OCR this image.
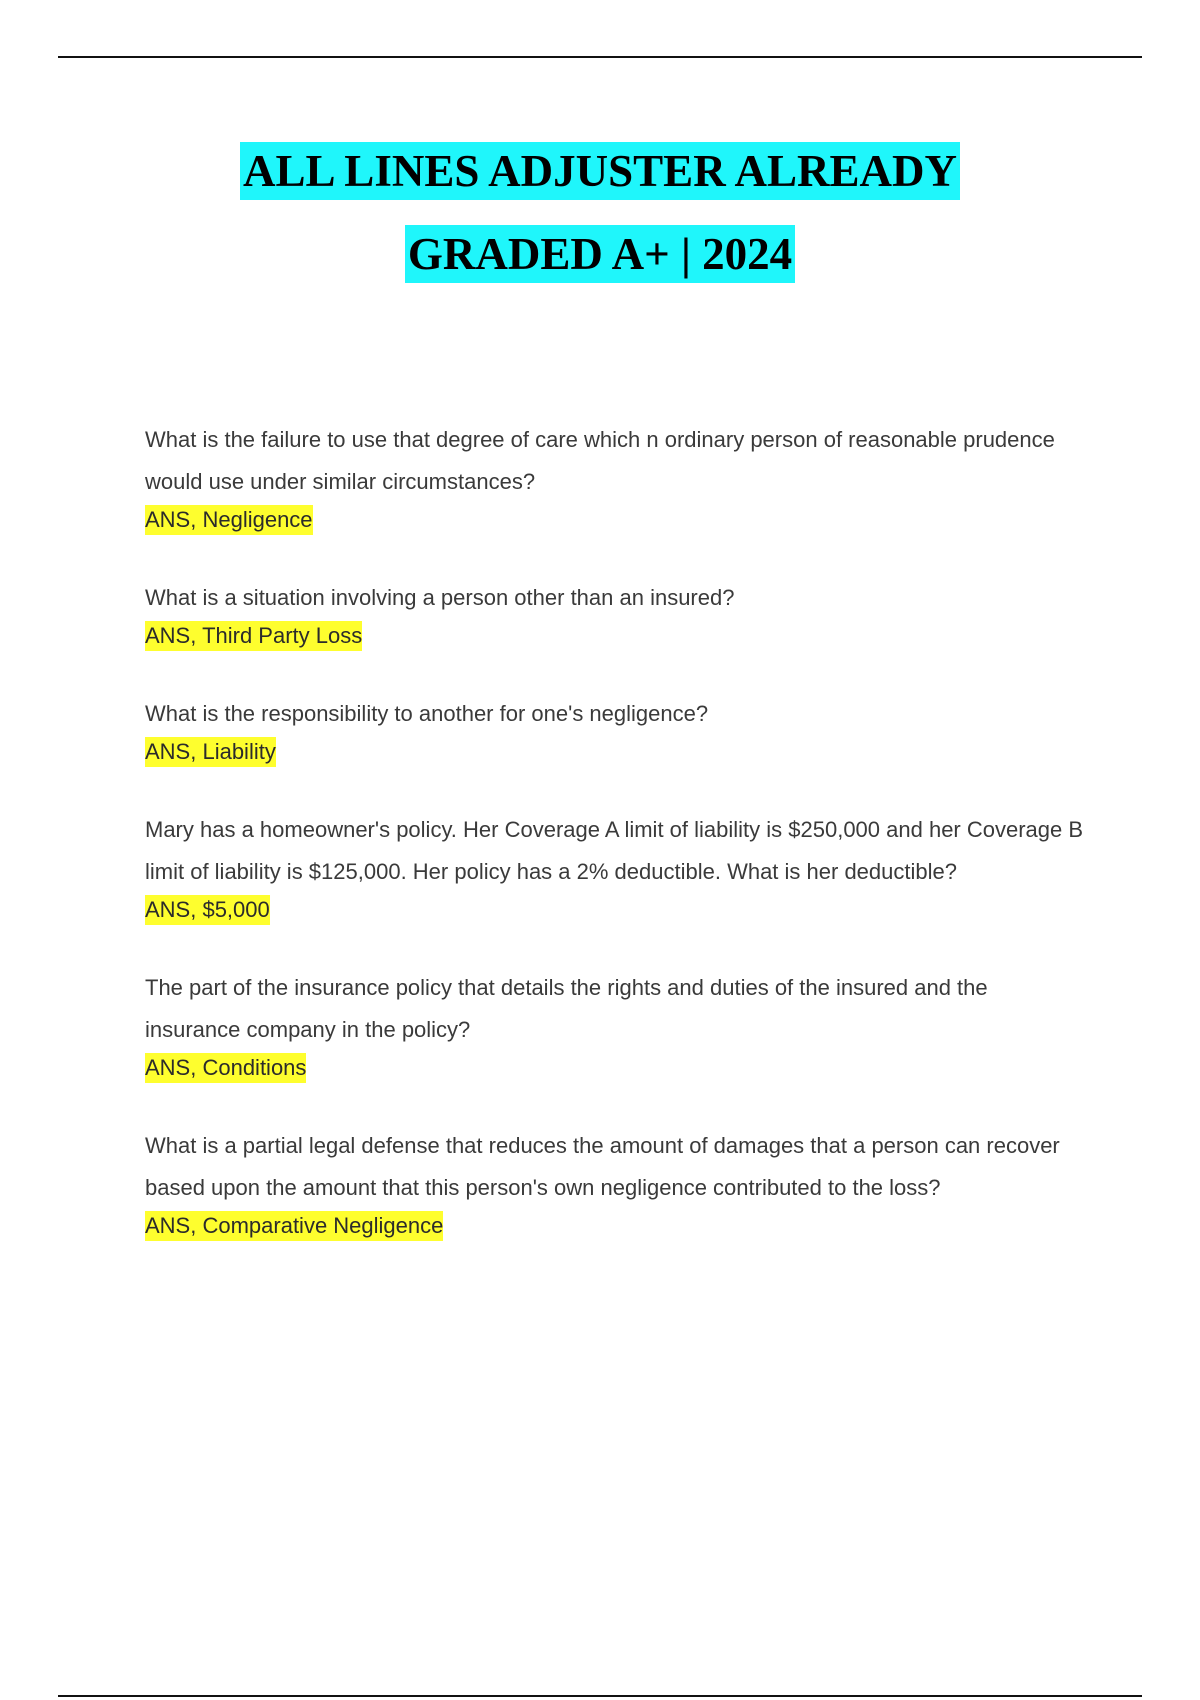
ALL LINES ADJUSTER ALREADY
GRADED A+ | 2024
What is the failure to use that degree of care which n ordinary person of reasonable prudence would use under similar circumstances?
ANS, Negligence
What is a situation involving a person other than an insured?
ANS, Third Party Loss
What is the responsibility to another for one's negligence?
ANS, Liability
Mary has a homeowner's policy. Her Coverage A limit of liability is $250,000 and her Coverage B limit of liability is $125,000. Her policy has a 2% deductible. What is her deductible?
ANS, $5,000
The part of the insurance policy that details the rights and duties of the insured and the insurance company in the policy?
ANS, Conditions
What is a partial legal defense that reduces the amount of damages that a person can recover based upon the amount that this person's own negligence contributed to the loss?
ANS, Comparative Negligence
